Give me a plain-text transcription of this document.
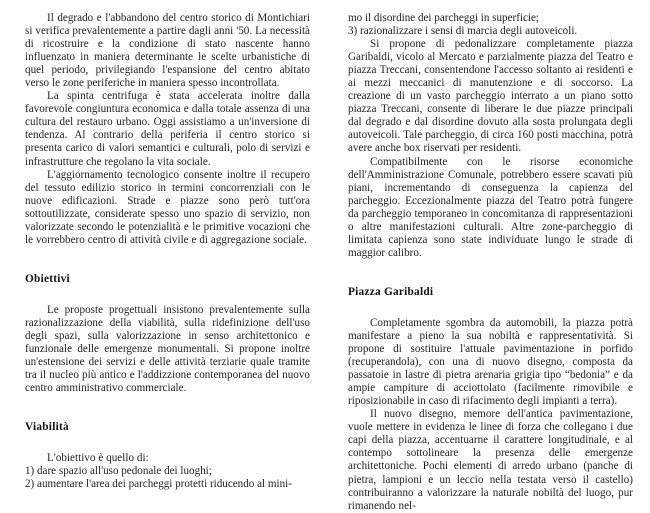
Il degrado e l'abbandono del centro storico di Montichiari si verifica prevalentemente a partire dagli anni '50. La necessità di ricostruire e la condizione di stato nascente hanno influenzato in maniera determinante le scelte urbanistiche di quel periodo, privilegiando l'espansione del centro abitato verso le zone periferiche in maniera spesso incontrollata.

La spinta centrifuga è stata accelerata inoltre dalla favorevole congiuntura economica e dalla totale assenza di una cultura del restauro urbano. Oggi assistiamo a un'inversione di tendenza. Al contrario della periferia il centro storico si presenta carico di valori semantici e culturali, polo di servizi e infrastrutture che regolano la vita sociale.

L'aggiornamento tecnologico consente inoltre il recupero del tessuto edilizio storico in termini concorrenziali con le nuove edificazioni. Strade e piazze sono però tutt'ora sottoutilizzate, considerate spesso uno spazio di servizio, non valorizzate secondo le potenzialità e le primitive vocazioni che le vorrebbero centro di attività civile e di aggregazione sociale.

Obiettivi

Le proposte progettuali insistono prevalentemente sulla razionalizzazione della viabilità, sulla ridefinizione dell'uso degli spazi, sulla valorizzazione in senso architettonico e funzionale delle emergenze monumentali. Si propone inoltre un'estensione dei servizi e delle attività terziarie quale tramite tra il nucleo più antico e l'addizzione contemporanea del nuovo centro amministrativo commerciale.

Viabilità

L'obiettivo è quello di:

1) dare spazio all'uso pedonale dei luoghi;

2) aumentare l'area dei parcheggi protetti riducendo al mini-

mo il disordine dei parcheggi in superficie;

3) razionalizzare i sensi di marcia degli autoveicoli.

Si propone di pedonalizzare completamente piazza Garibaldi, vicolo al Mercato e parzialmente piazza del Teatro e piazza Treccani, consentendone l'accesso soltanto ai residenti e ai mezzi meccanici di manutenzione e di soccorso. La creazione di un vasto parcheggio interrato a un piano sotto piazza Treccani, consente di liberare le due piazze principali dal degrado e dal disordine dovuto alla sosta prolungata degli autoveicoli. Tale parcheggio, di circa 160 posti macchina, potrà avere anche box riservati per residenti.

Compatibilmente con le risorse economiche dell'Amministrazione Comunale, potrebbero essere scavati più piani, incrementando di conseguenza la capienza del parcheggio. Eccezionalmente piazza del Teatro potrà fungere da parcheggio temporaneo in concomitanza di rappresentazioni o altre manifestazioni culturali. Altre zone-parcheggio di limitata capienza sono state individuate lungo le strade di maggior calibro.

Piazza Garibaldi

Completamente sgombra da automobili, la piazza potrà manifestare a pieno la sua nobiltà e rappresentatività. Si propone di sostituire l'attuale pavimentazione in porfido (recuperandola), con una di nuovo disegno, composta da passatoie in lastre di pietra arenaria grigia tipo “bedonia” e da ampie campiture di acciottolato (facilmente rimovibile e riposizionabile in caso di rifacimento degli impianti a terra).

Il nuovo disegno, memore dell'antica pavimentazione, vuole mettere in evidenza le linee di forza che collegano i due capi della piazza, accentuarne il carattere longitudinale, e al contempo sottolineare la presenza delle emergenze architettoniche. Pochi elementi di arredo urbano (panche di pietra, lampioni e un leccio nella testata verso il castello) contribuiranno a valorizzare la naturale nobiltà del luogo, pur rimanendo nel-
